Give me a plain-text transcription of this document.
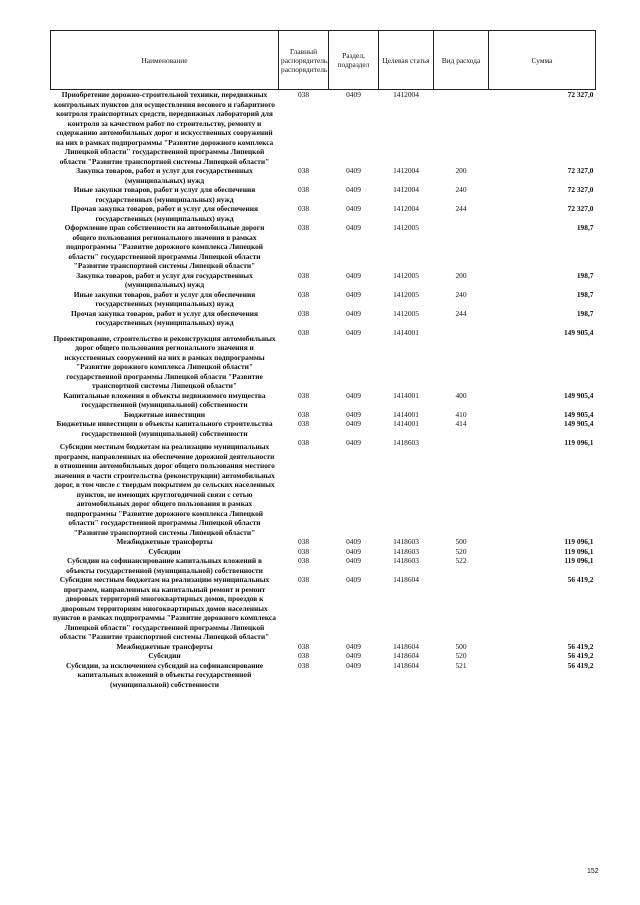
Наименование	Главный распорядитель, распорядитель	Раздел, подраздел	Целевая статья	Вид расхода	Сумма
Приобретение дорожно-строительной техники, передвижных контрольных пунктов для осуществления весового и габаритного контроля транспортных средств, передвижных лабораторий для контроля за качеством работ по строительству, ремонту и содержанию автомобильных дорог и искусственных сооружений на них в рамках подпрограммы "Развитие дорожного комплекса Липецкой области" государственной программы Липецкой области "Развитие транспортной системы Липецкой области"	038	0409	1412004		72 327,0
Закупка товаров, работ и услуг для государственных (муниципальных) нужд	038	0409	1412004	200	72 327,0
Иные закупки товаров, работ и услуг для обеспечения государственных (муниципальных) нужд	038	0409	1412004	240	72 327,0
Прочая закупка товаров, работ и услуг для обеспечения государственных (муниципальных) нужд	038	0409	1412004	244	72 327,0
Оформление прав собственности на автомобильные дороги общего пользования регионального значения в рамках подпрограммы "Развитие дорожного комплекса Липецкой области" государственной программы Липецкой области "Развитие транспортной системы Липецкой области"	038	0409	1412005		198,7
Закупка товаров, работ и услуг для государственных (муниципальных) нужд	038	0409	1412005	200	198,7
Иные закупки товаров, работ и услуг для обеспечения государственных (муниципальных) нужд	038	0409	1412005	240	198,7
Прочая закупка товаров, работ и услуг для обеспечения государственных (муниципальных) нужд	038	0409	1412005	244	198,7
Проектирование, строительство и реконструкция автомобильных дорог общего пользования регионального значения и искусственных сооружений на них в рамках подпрограммы "Развитие дорожного комплекса Липецкой области" государственной программы Липецкой области "Развитие транспортной системы Липецкой области"	038	0409	1414001		149 905,4
Капитальные вложения в объекты недвижимого имущества государственной (муниципальной) собственности	038	0409	1414001	400	149 905,4
Бюджетные инвестиции	038	0409	1414001	410	149 905,4
Бюджетные инвестиции в объекты капитального строительства государственной (муниципальной) собственности	038	0409	1414001	414	149 905,4
Субсидии местным бюджетам на реализацию муниципальных программ, направленных на обеспечение дорожной деятельности в отношении автомобильных дорог общего пользования местного значения в части строительства (реконструкции) автомобильных дорог, в том числе с твердым покрытием до сельских населенных пунктов, не имеющих круглогодичной связи с сетью автомобильных дорог общего пользования в рамках подпрограммы "Развитие дорожного комплекса Липецкой области" государственной программы Липецкой области "Развитие транспортной системы Липецкой области"	038	0409	1418603		119 096,1
Межбюджетные трансферты	038	0409	1418603	500	119 096,1
Субсидии	038	0409	1418603	520	119 096,1
Субсидии на софинансирование капитальных вложений в объекты государственной (муниципальной) собственности	038	0409	1418603	522	119 096,1
Субсидии местным бюджетам на реализацию муниципальных программ, направленных на капитальный ремонт и ремонт дворовых территорий многоквартирных домов, проездов к дворовым территориям многоквартирных домов населенных пунктов в рамках подпрограммы "Развитие дорожного комплекса Липецкой области" государственной программы Липецкой области "Развитие транспортной системы Липецкой области"	038	0409	1418604		56 419,2
Межбюджетные трансферты	038	0409	1418604	500	56 419,2
Субсидии	038	0409	1418604	520	56 419,2
Субсидии, за исключением субсидий на софинансирование капитальных вложений в объекты государственной (муниципальной) собственности	038	0409	1418604	521	56 419,2
152
